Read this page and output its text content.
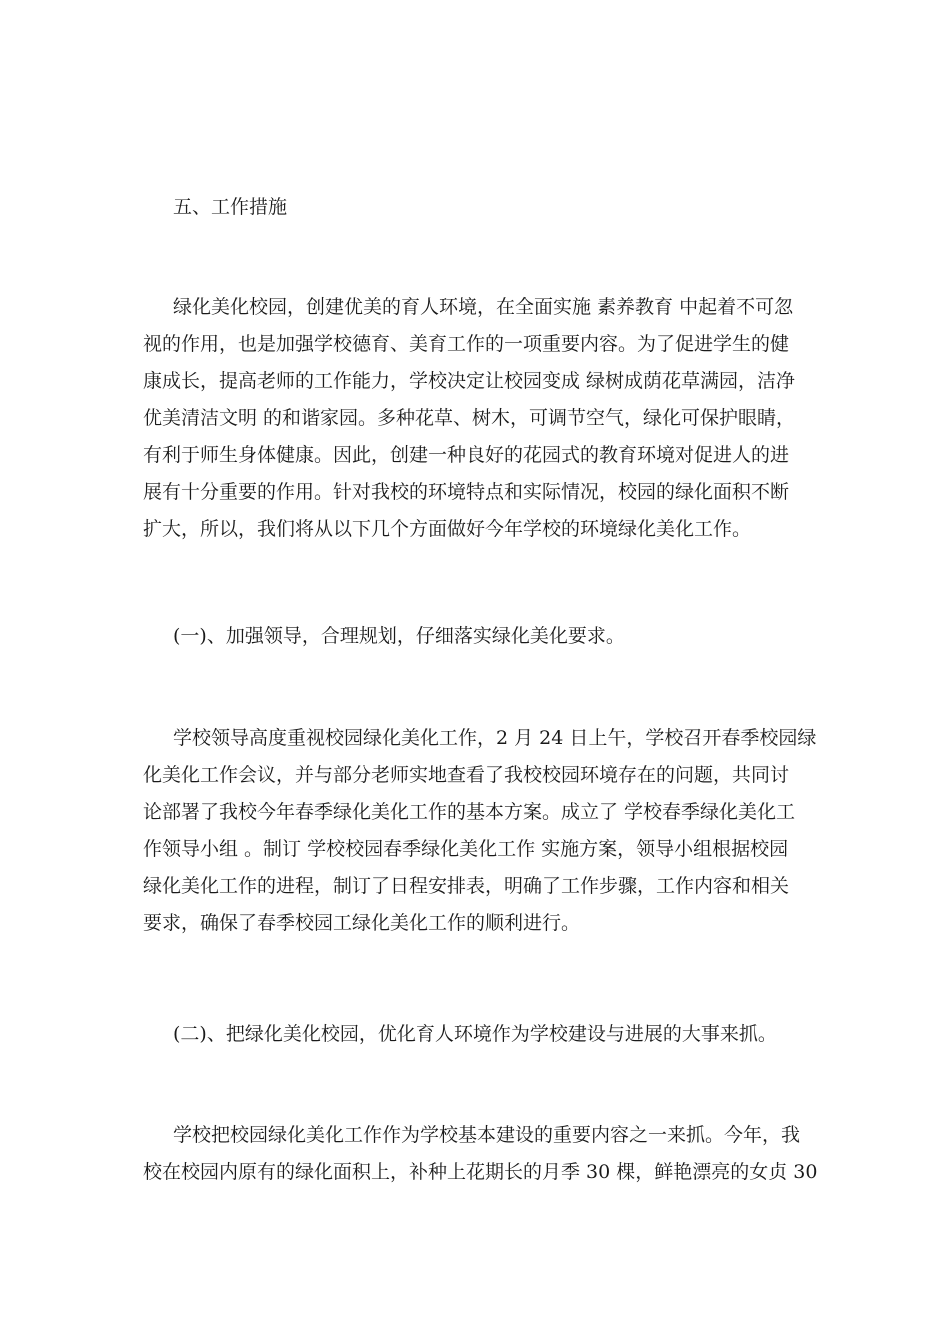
五、工作措施
绿化美化校园，创建优美的育人环境，在全面实施 素养教育 中起着不可忽
视的作用，也是加强学校德育、美育工作的一项重要内容。为了促进学生的健
康成长，提高老师的工作能力，学校决定让校园变成 绿树成荫花草满园，洁净
优美清洁文明 的和谐家园。多种花草、树木，可调节空气，绿化可保护眼睛，
有利于师生身体健康。因此，创建一种良好的花园式的教育环境对促进人的进
展有十分重要的作用。针对我校的环境特点和实际情况，校园的绿化面积不断
扩大，所以，我们将从以下几个方面做好今年学校的环境绿化美化工作。
(一)、加强领导，合理规划，仔细落实绿化美化要求。
学校领导高度重视校园绿化美化工作，2 月 24 日上午，学校召开春季校园绿
化美化工作会议，并与部分老师实地查看了我校校园环境存在的问题，共同讨
论部署了我校今年春季绿化美化工作的基本方案。成立了 学校春季绿化美化工
作领导小组 。制订 学校校园春季绿化美化工作 实施方案，领导小组根据校园
绿化美化工作的进程，制订了日程安排表，明确了工作步骤，工作内容和相关
要求，确保了春季校园工绿化美化工作的顺利进行。
(二)、把绿化美化校园，优化育人环境作为学校建设与进展的大事来抓。
学校把校园绿化美化工作作为学校基本建设的重要内容之一来抓。今年，我
校在校园内原有的绿化面积上，补种上花期长的月季 30 棵，鲜艳漂亮的女贞 30
